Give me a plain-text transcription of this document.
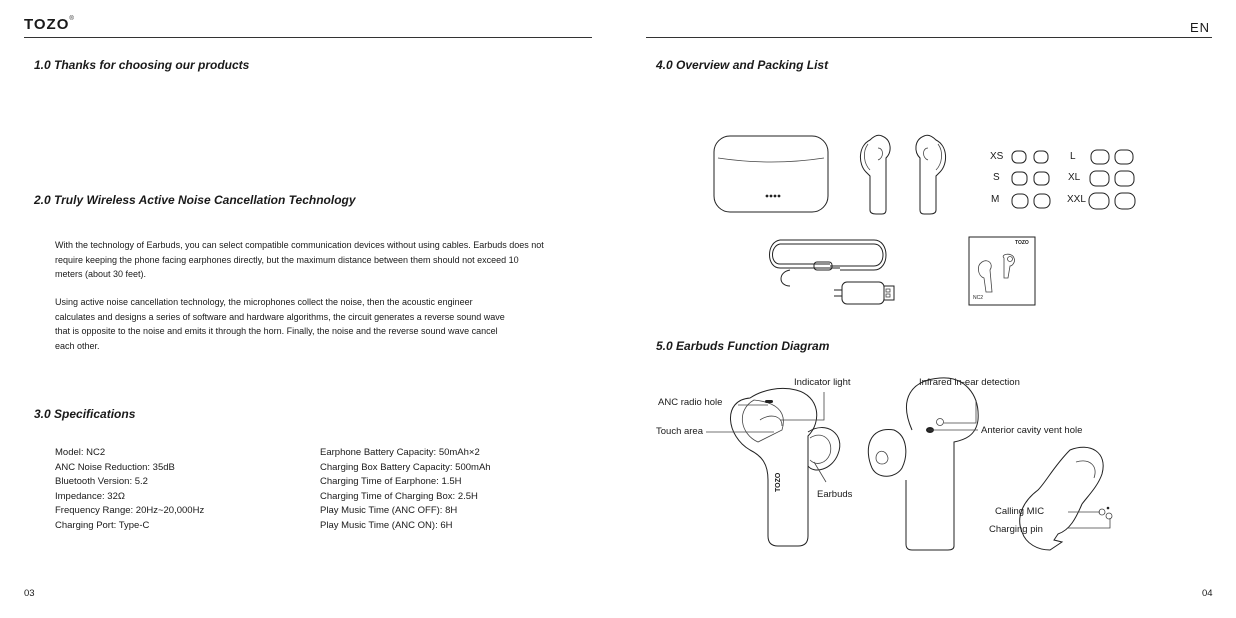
TOZO®
EN
1.0 Thanks for choosing our products
2.0 Truly Wireless Active Noise Cancellation Technology
With the technology of Earbuds, you can select compatible communication devices without using cables. Earbuds does not require keeping the phone facing earphones directly, but the maximum distance between them should not exceed 10 meters (about 30 feet).
Using active noise cancellation technology, the microphones collect the noise, then the acoustic engineer calculates and designs a series of software and hardware algorithms, the circuit generates a reverse sound wave that is opposite to the noise and emits it through the horn. Finally, the noise and the reverse sound wave cancel each other.
3.0 Specifications
Model: NC2
ANC Noise Reduction: 35dB
Bluetooth Version: 5.2
Impedance: 32Ω
Frequency Range: 20Hz~20,000Hz
Charging Port: Type-C
Earphone Battery Capacity: 50mAh×2
Charging Box Battery Capacity: 500mAh
Charging Time of Earphone: 1.5H
Charging Time of Charging Box: 2.5H
Play Music Time (ANC OFF): 8H
Play Music Time (ANC ON): 6H
03
4.0 Overview and Packing List
XS
S
M
L
XL
XXL
TOZO
NC2
5.0 Earbuds Function Diagram
TOZO
Indicator light	Infrared in-ear detection
ANC radio hole
Touch area	Anterior cavity vent hole
Earbuds
Calling MIC
Charging pin
04
